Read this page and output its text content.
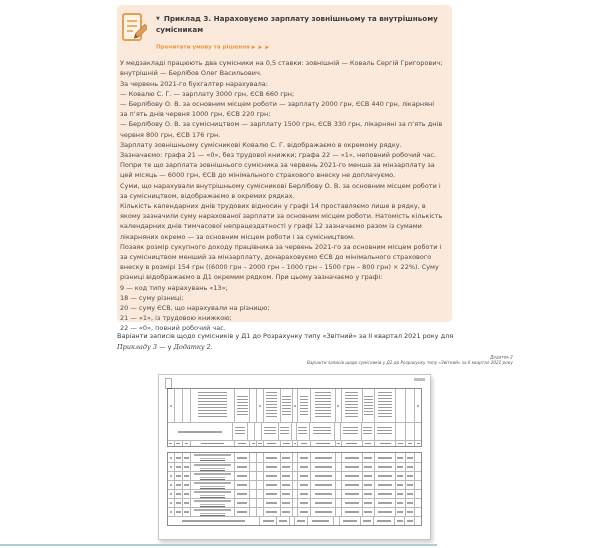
▼ Приклад 3. Нараховуємо зарплату зовнішньому та внутрішньому сумісникам
Прочитати умову та рішення ▶ ▶ ▶

У медзакладі працюють два сумісники на 0,5 ставки: зовнішній — Коваль Сергій Григорович; внутрішній — Берлібов Олег Васильович.

За червень 2021-го бухгалтер нарахувала:

— Ковалю С. Г. — зарплату 3000 грн, ЄСВ 660 грн;

— Берлібову О. В. за основним місцем роботи — зарплату 2000 грн, ЄСВ 440 грн, лікарняні за п’ять днів червня 1000 грн, ЄСВ 220 грн;

— Берлібову О. В. за сумісництвом — зарплату 1500 грн, ЄСВ 330 грн, лікарняні за п’ять днів червня 800 грн, ЄСВ 176 грн.

Зарплату зовнішньому сумісникові Ковалю С. Г. відображаємо в окремому рядку. Зазначаємо: графа 21 — «0», без трудової книжки; графа 22 — «1», неповний робочий час.

Попри те що зарплата зовнішнього сумісника за червень 2021-го менша за мінзарплату за цей місяць — 6000 грн, ЄСВ до мінімального страхового внеску не доплачуємо.

Суми, що нарахували внутрішньому сумісникові Берлібову О. В. за основним місцем роботи і за сумісництвом, відображаємо в окремих рядках.

Кількість календарних днів трудових відносин у графі 14 проставляємо лише в рядку, в якому зазначили суму нарахованої зарплати за основним місцем роботи. Натомість кількість календарних днів тимчасової непрацездатності у графі 12 зазначаємо разом із сумами лікарняних окремо — за основним місцем роботи і за сумісництвом.

Позаяк розмір сукупного доходу працівника за червень 2021-го за основним місцем роботи і за сумісництвом менший за мінзарплату, донараховуємо ЄСВ до мінімального страхового внеску в розмірі 154 грн ((6000 грн – 2000 грн – 1000 грн – 1500 грн – 800 грн) × 22%). Суму різниці відображаємо в Д1 окремим рядком. При цьому зазначаємо у графі:

9 — код типу нарахувань «13»;

18 — суму різниці;

20 — суму ЄСВ, що нарахували на різницю;

21 — «1», із трудовою книжкою;

22 — «0», повний робочий час.

Варіанти записів щодо сумісників у Д1 до Розрахунку типу «Звітний» за ІІ квартал 2021 року для Прикладу 3 — у Додатку 2.

Додаток 2
Варіанти записів щодо сумісників у Д1 до Розрахунку типу «Звітний» за ІІ квартал 2021 року
